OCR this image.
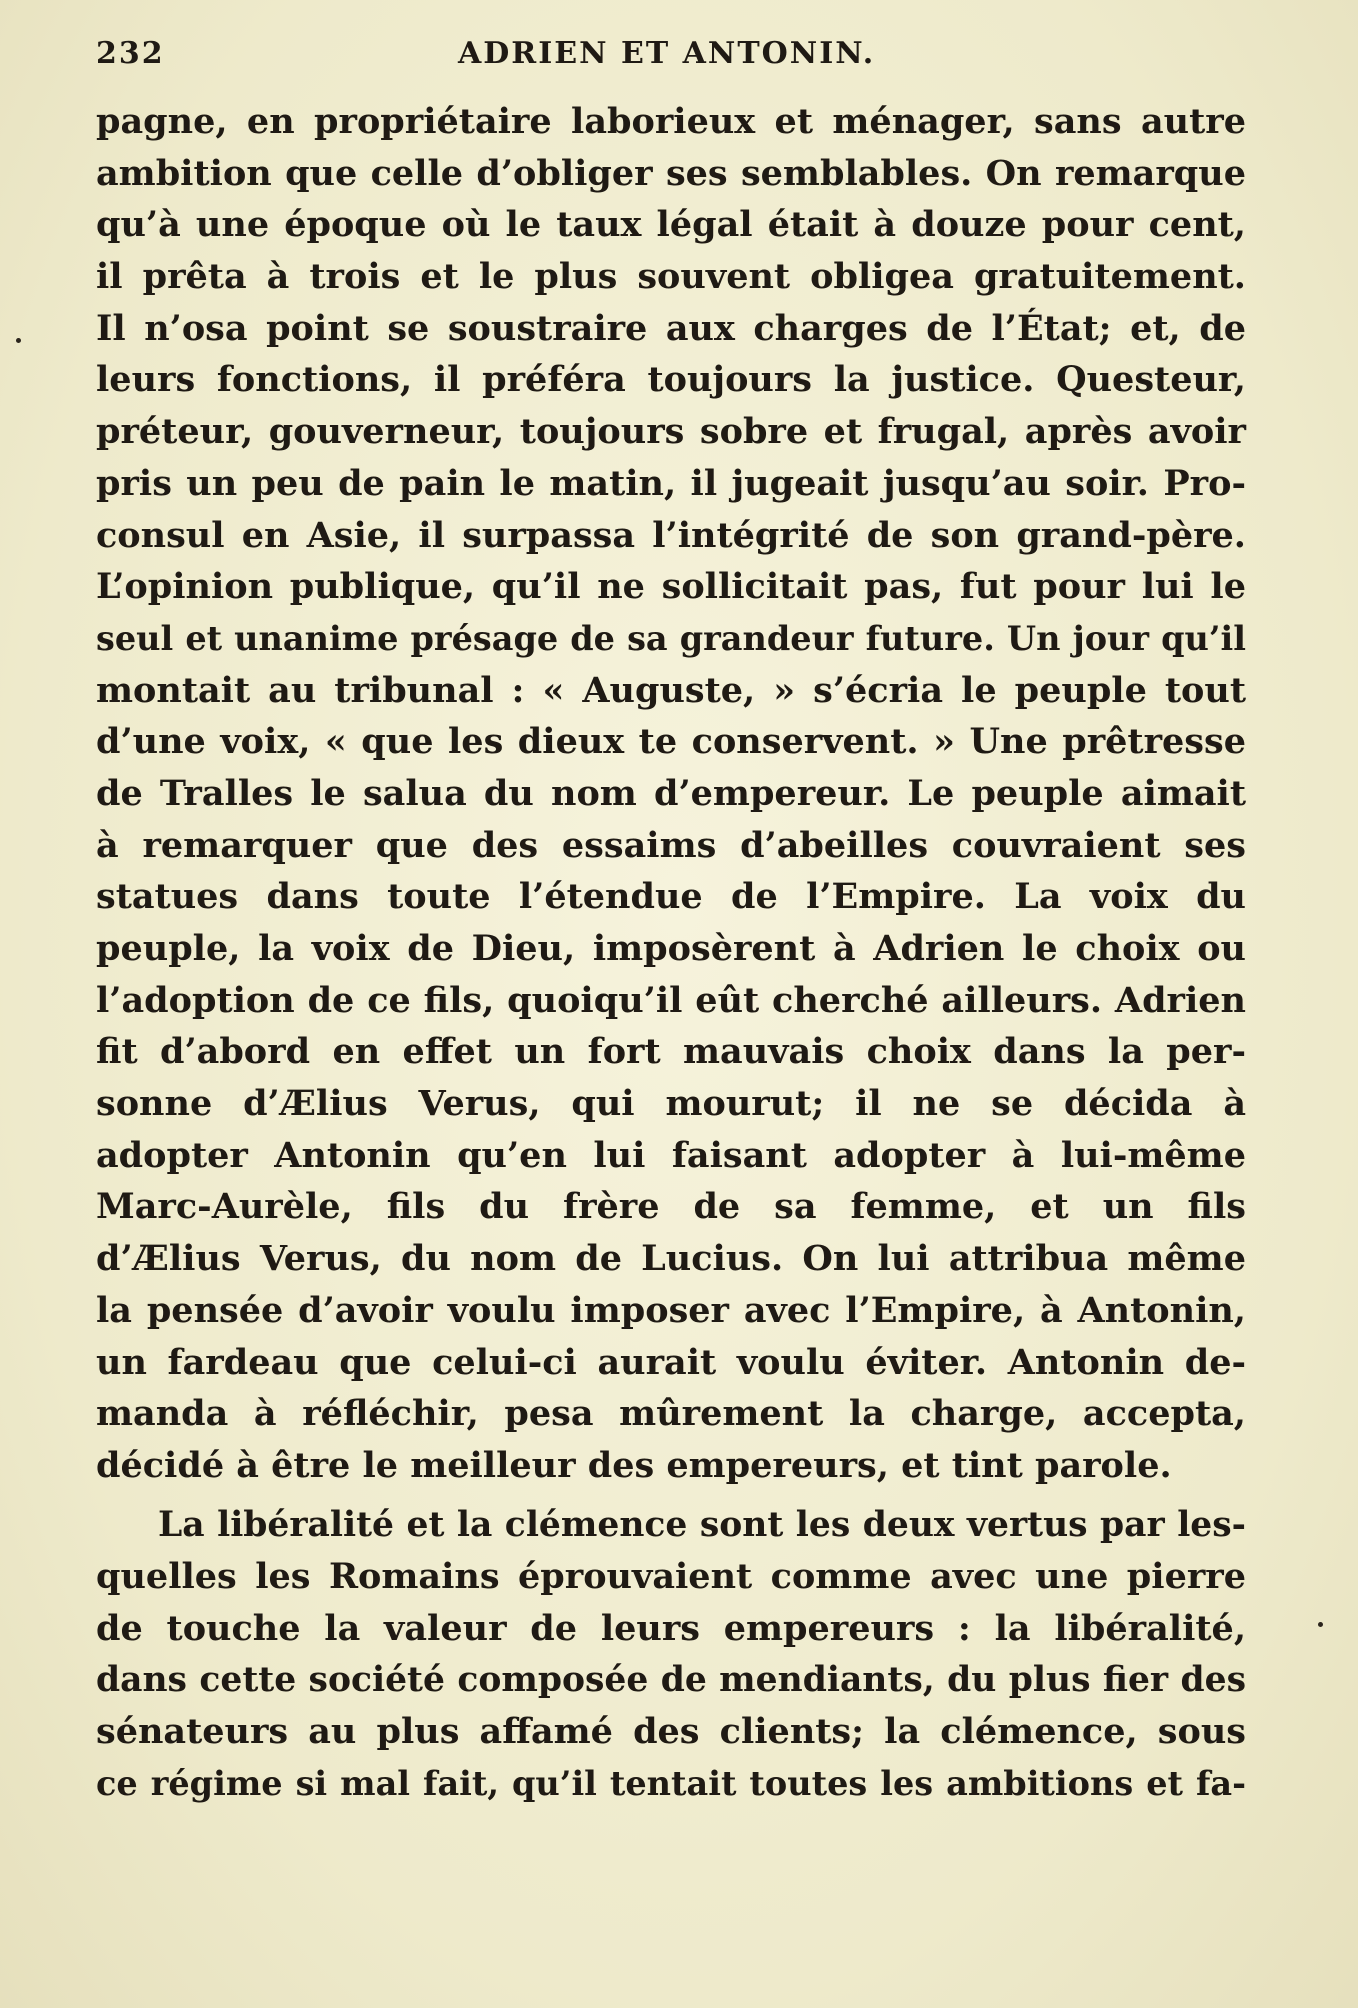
232	ADRIEN ET ANTONIN.
pagne, en propriétaire laborieux et ménager, sans autre
ambition que celle d’obliger ses semblables. On remarque
qu’à une époque où le taux légal était à douze pour cent,
il prêta à trois et le plus souvent obligea gratuitement.
Il n’osa point se soustraire aux charges de l’État; et, de
leurs fonctions, il préféra toujours la justice. Questeur,
préteur, gouverneur, toujours sobre et frugal, après avoir
pris un peu de pain le matin, il jugeait jusqu’au soir. Pro-
consul en Asie, il surpassa l’intégrité de son grand-père.
L’opinion publique, qu’il ne sollicitait pas, fut pour lui le
seul et unanime présage de sa grandeur future. Un jour qu’il
montait au tribunal : « Auguste, » s’écria le peuple tout
d’une voix, « que les dieux te conservent. » Une prêtresse
de Tralles le salua du nom d’empereur. Le peuple aimait
à remarquer que des essaims d’abeilles couvraient ses
statues dans toute l’étendue de l’Empire. La voix du
peuple, la voix de Dieu, imposèrent à Adrien le choix ou
l’adoption de ce fils, quoiqu’il eût cherché ailleurs. Adrien
fit d’abord en effet un fort mauvais choix dans la per-
sonne d’Ælius Verus, qui mourut; il ne se décida à
adopter Antonin qu’en lui faisant adopter à lui-même
Marc-Aurèle, fils du frère de sa femme, et un fils
d’Ælius Verus, du nom de Lucius. On lui attribua même
la pensée d’avoir voulu imposer avec l’Empire, à Antonin,
un fardeau que celui-ci aurait voulu éviter. Antonin de-
manda à réfléchir, pesa mûrement la charge, accepta,
décidé à être le meilleur des empereurs, et tint parole.
La libéralité et la clémence sont les deux vertus par les-
quelles les Romains éprouvaient comme avec une pierre
de touche la valeur de leurs empereurs : la libéralité,
dans cette société composée de mendiants, du plus fier des
sénateurs au plus affamé des clients; la clémence, sous
ce régime si mal fait, qu’il tentait toutes les ambitions et fa-
